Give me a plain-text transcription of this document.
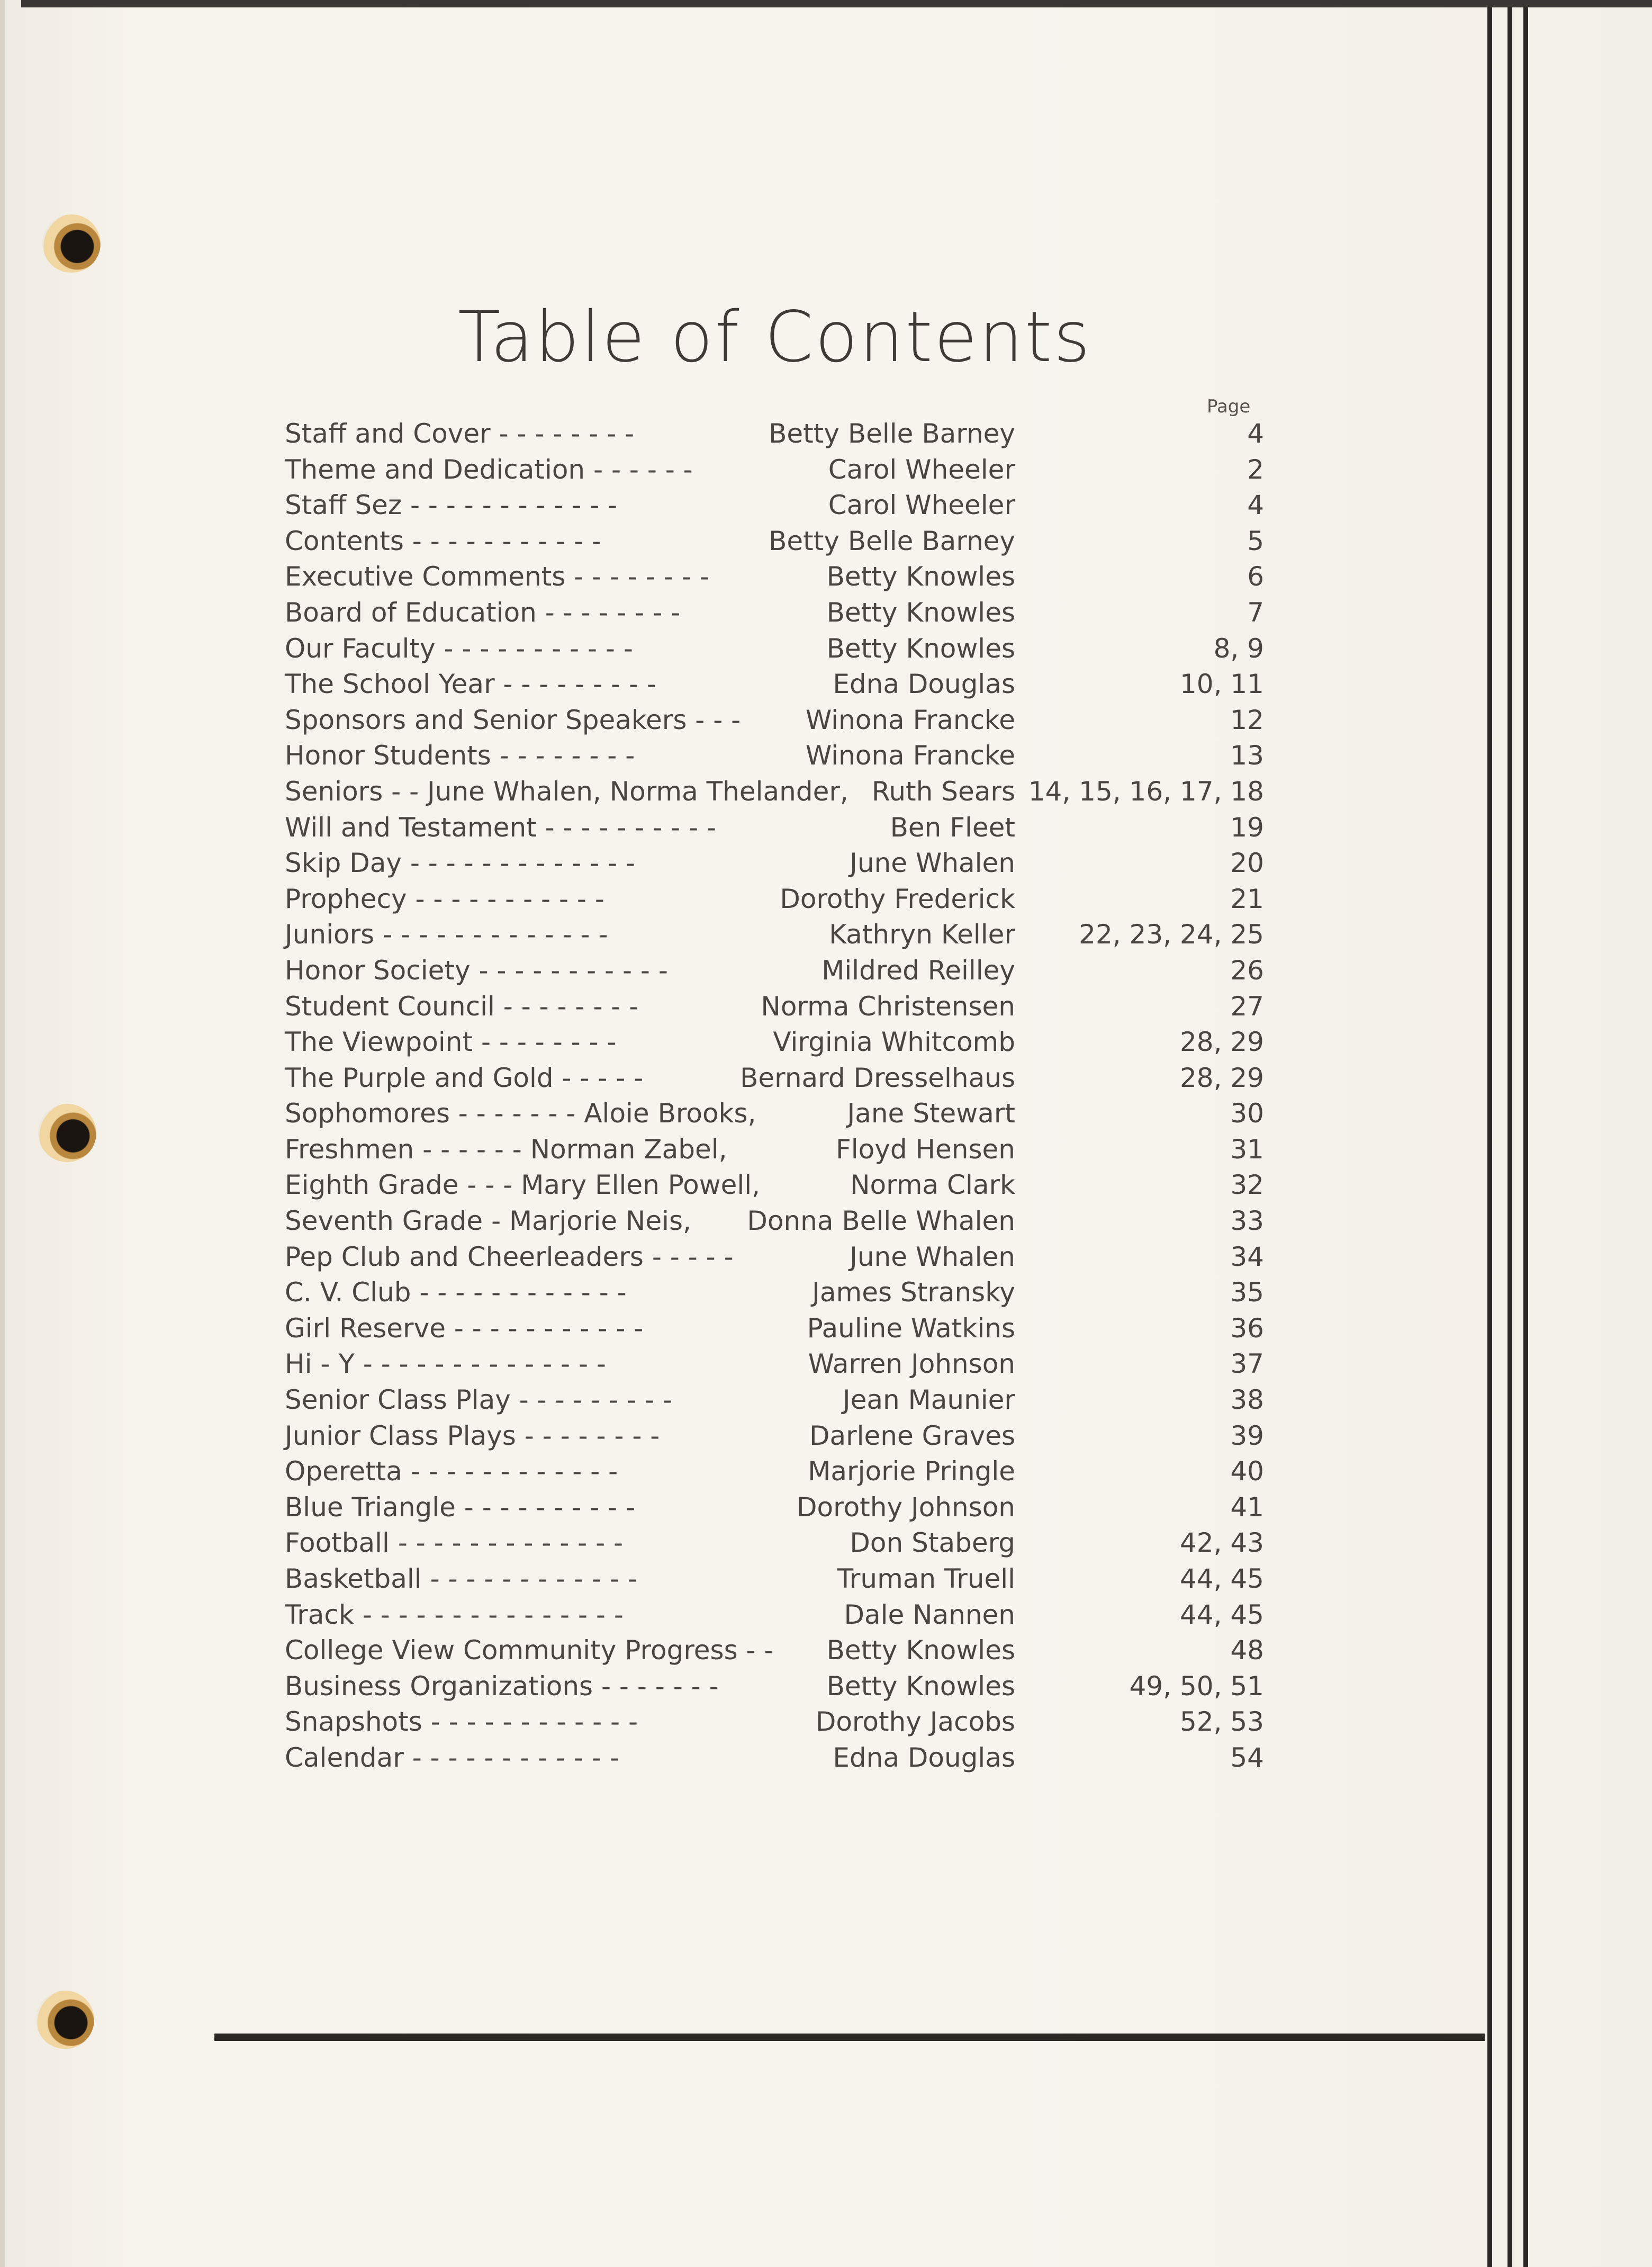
Table of Contents
Page
Staff and Cover - - - - - - - -	Betty Belle Barney	4
Theme and Dedication - - - - - -	Carol Wheeler	2
Staff Sez - - - - - - - - - - - -	Carol Wheeler	4
Contents - - - - - - - - - - -	Betty Belle Barney	5
Executive Comments - - - - - - - -	Betty Knowles	6
Board of Education - - - - - - - -	Betty Knowles	7
Our Faculty - - - - - - - - - - -	Betty Knowles	8, 9
The School Year - - - - - - - - -	Edna Douglas	10, 11
Sponsors and Senior Speakers - - - Winona Francke	12
Honor Students - - - - - - - -	Winona Francke	13
Seniors - - June Whalen, Norma Thelander, Ruth Sears 14, 15, 16, 17, 18
Will and Testament - - - - - - - - - -	Ben Fleet	19
Skip Day - - - - - - - - - - - - -	June Whalen	20
Prophecy - - - - - - - - - - -	Dorothy Frederick	21
Juniors - - - - - - - - - - - - -	Kathryn Keller 22, 23, 24, 25
Honor Society - - - - - - - - - - -	Mildred Reilley	26
Student Council - - - - - - - -	Norma Christensen	27
The Viewpoint - - - - - - - -	Virginia Whitcomb	28, 29
The Purple and Gold - - - - -	Bernard Dresselhaus	28, 29
Sophomores - - - - - - - Aloie Brooks,	Jane Stewart	30
Freshmen - - - - - - Norman Zabel,	Floyd Hensen	31
Eighth Grade - - - Mary Ellen Powell,	Norma Clark	32
Seventh Grade - Marjorie Neis, Donna Belle Whalen	33
Pep Club and Cheerleaders - - - - -	June Whalen	34
C. V. Club - - - - - - - - - - - -	James Stransky	35
Girl Reserve - - - - - - - - - - -	Pauline Watkins	36
Hi - Y - - - - - - - - - - - - - -	Warren Johnson	37
Senior Class Play - - - - - - - - -	Jean Maunier	38
Junior Class Plays - - - - - - - -	Darlene Graves	39
Operetta - - - - - - - - - - - -	Marjorie Pringle	40
Blue Triangle - - - - - - - - - -	Dorothy Johnson	41
Football - - - - - - - - - - - - -	Don Staberg	42, 43
Basketball - - - - - - - - - - - -	Truman Truell	44, 45
Track - - - - - - - - - - - - - - -	Dale Nannen	44, 45
College View Community Progress - - Betty Knowles	48
Business Organizations - - - - - - -	Betty Knowles	49, 50, 51
Snapshots - - - - - - - - - - - -	Dorothy Jacobs	52, 53
Calendar - - - - - - - - - - - -	Edna Douglas	54
